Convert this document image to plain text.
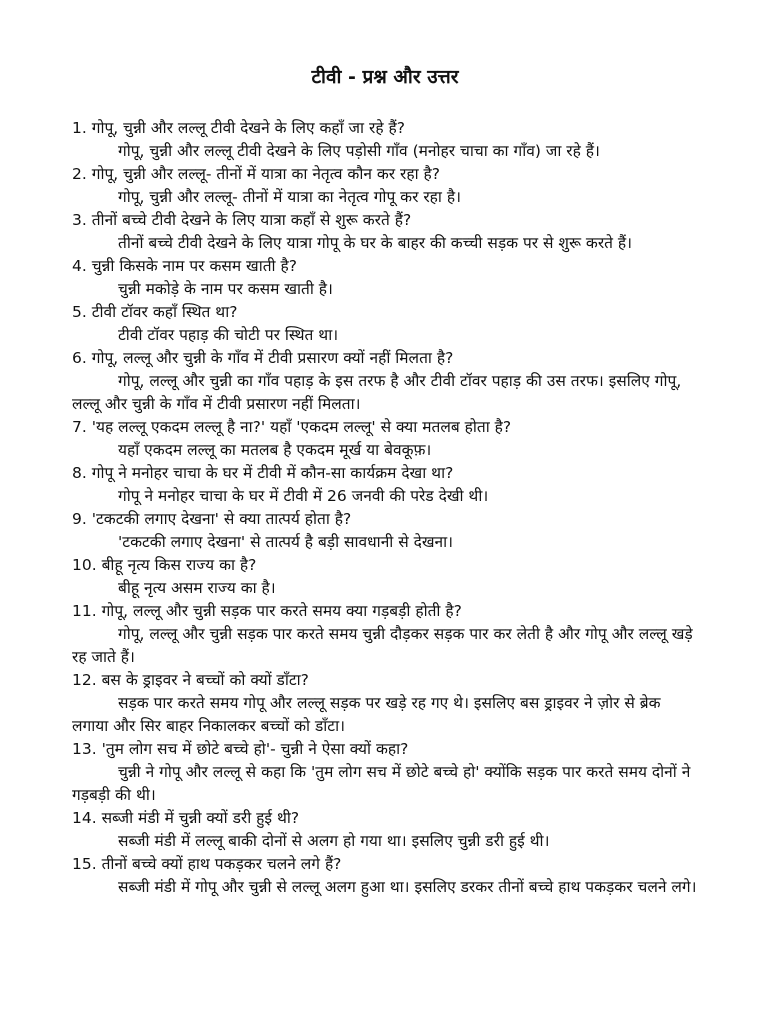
टीवी - प्रश्न और उत्तर

1. गोपू, चुन्नी और लल्लू टीवी देखने के लिए कहाँ जा रहे हैं?

गोपू, चुन्नी और लल्लू टीवी देखने के लिए पड़ोसी गाँव (मनोहर चाचा का गाँव) जा रहे हैं।

2. गोपू, चुन्नी और लल्लू- तीनों में यात्रा का नेतृत्व कौन कर रहा है?

गोपू, चुन्नी और लल्लू- तीनों में यात्रा का नेतृत्व गोपू कर रहा है।

3. तीनों बच्चे टीवी देखने के लिए यात्रा कहाँ से शुरू करते हैं?

तीनों बच्चे टीवी देखने के लिए यात्रा गोपू के घर के बाहर की कच्ची सड़क पर से शुरू करते हैं।

4. चुन्नी किसके नाम पर कसम खाती है?

चुन्नी मकोड़े के नाम पर कसम खाती है।

5. टीवी टॉवर कहाँ स्थित था?

टीवी टॉवर पहाड़ की चोटी पर स्थित था।

6. गोपू, लल्लू और चुन्नी के गाँव में टीवी प्रसारण क्यों नहीं मिलता है?

गोपू, लल्लू और चुन्नी का गाँव पहाड़ के इस तरफ है और टीवी टॉवर पहाड़ की उस तरफ। इसलिए गोपू, लल्लू और चुन्नी के गाँव में टीवी प्रसारण नहीं मिलता।

7. 'यह लल्लू एकदम लल्लू है ना?' यहाँ 'एकदम लल्लू' से क्या मतलब होता है?

यहाँ एकदम लल्लू का मतलब है एकदम मूर्ख या बेवकूफ़।

8. गोपू ने मनोहर चाचा के घर में टीवी में कौन-सा कार्यक्रम देखा था?

गोपू ने मनोहर चाचा के घर में टीवी में 26 जनवी की परेड देखी थी।

9. 'टकटकी लगाए देखना' से क्या तात्पर्य होता है?

'टकटकी लगाए देखना' से तात्पर्य है बड़ी सावधानी से देखना।

10. बीहू नृत्य किस राज्य का है?

बीहू नृत्य असम राज्य का है।

11. गोपू, लल्लू और चुन्नी सड़क पार करते समय क्या गड़बड़ी होती है?

गोपू, लल्लू और चुन्नी सड़क पार करते समय चुन्नी दौड़कर सड़क पार कर लेती है और गोपू और लल्लू खड़े रह जाते हैं।

12. बस के ड्राइवर ने बच्चों को क्यों डाँटा?

सड़क पार करते समय गोपू और लल्लू सड़क पर खड़े रह गए थे। इसलिए बस ड्राइवर ने ज़ोर से ब्रेक लगाया और सिर बाहर निकालकर बच्चों को डाँटा।

13. 'तुम लोग सच में छोटे बच्चे हो'- चुन्नी ने ऐसा क्यों कहा?

चुन्नी ने गोपू और लल्लू से कहा कि 'तुम लोग सच में छोटे बच्चे हो' क्योंकि सड़क पार करते समय दोनों ने गड़बड़ी की थी।

14. सब्जी मंडी में चुन्नी क्यों डरी हुई थी?

सब्जी मंडी में लल्लू बाकी दोनों से अलग हो गया था। इसलिए चुन्नी डरी हुई थी।

15. तीनों बच्चे क्यों हाथ पकड़कर चलने लगे हैं?

सब्जी मंडी में गोपू और चुन्नी से लल्लू अलग हुआ था। इसलिए डरकर तीनों बच्चे हाथ पकड़कर चलने लगे।
